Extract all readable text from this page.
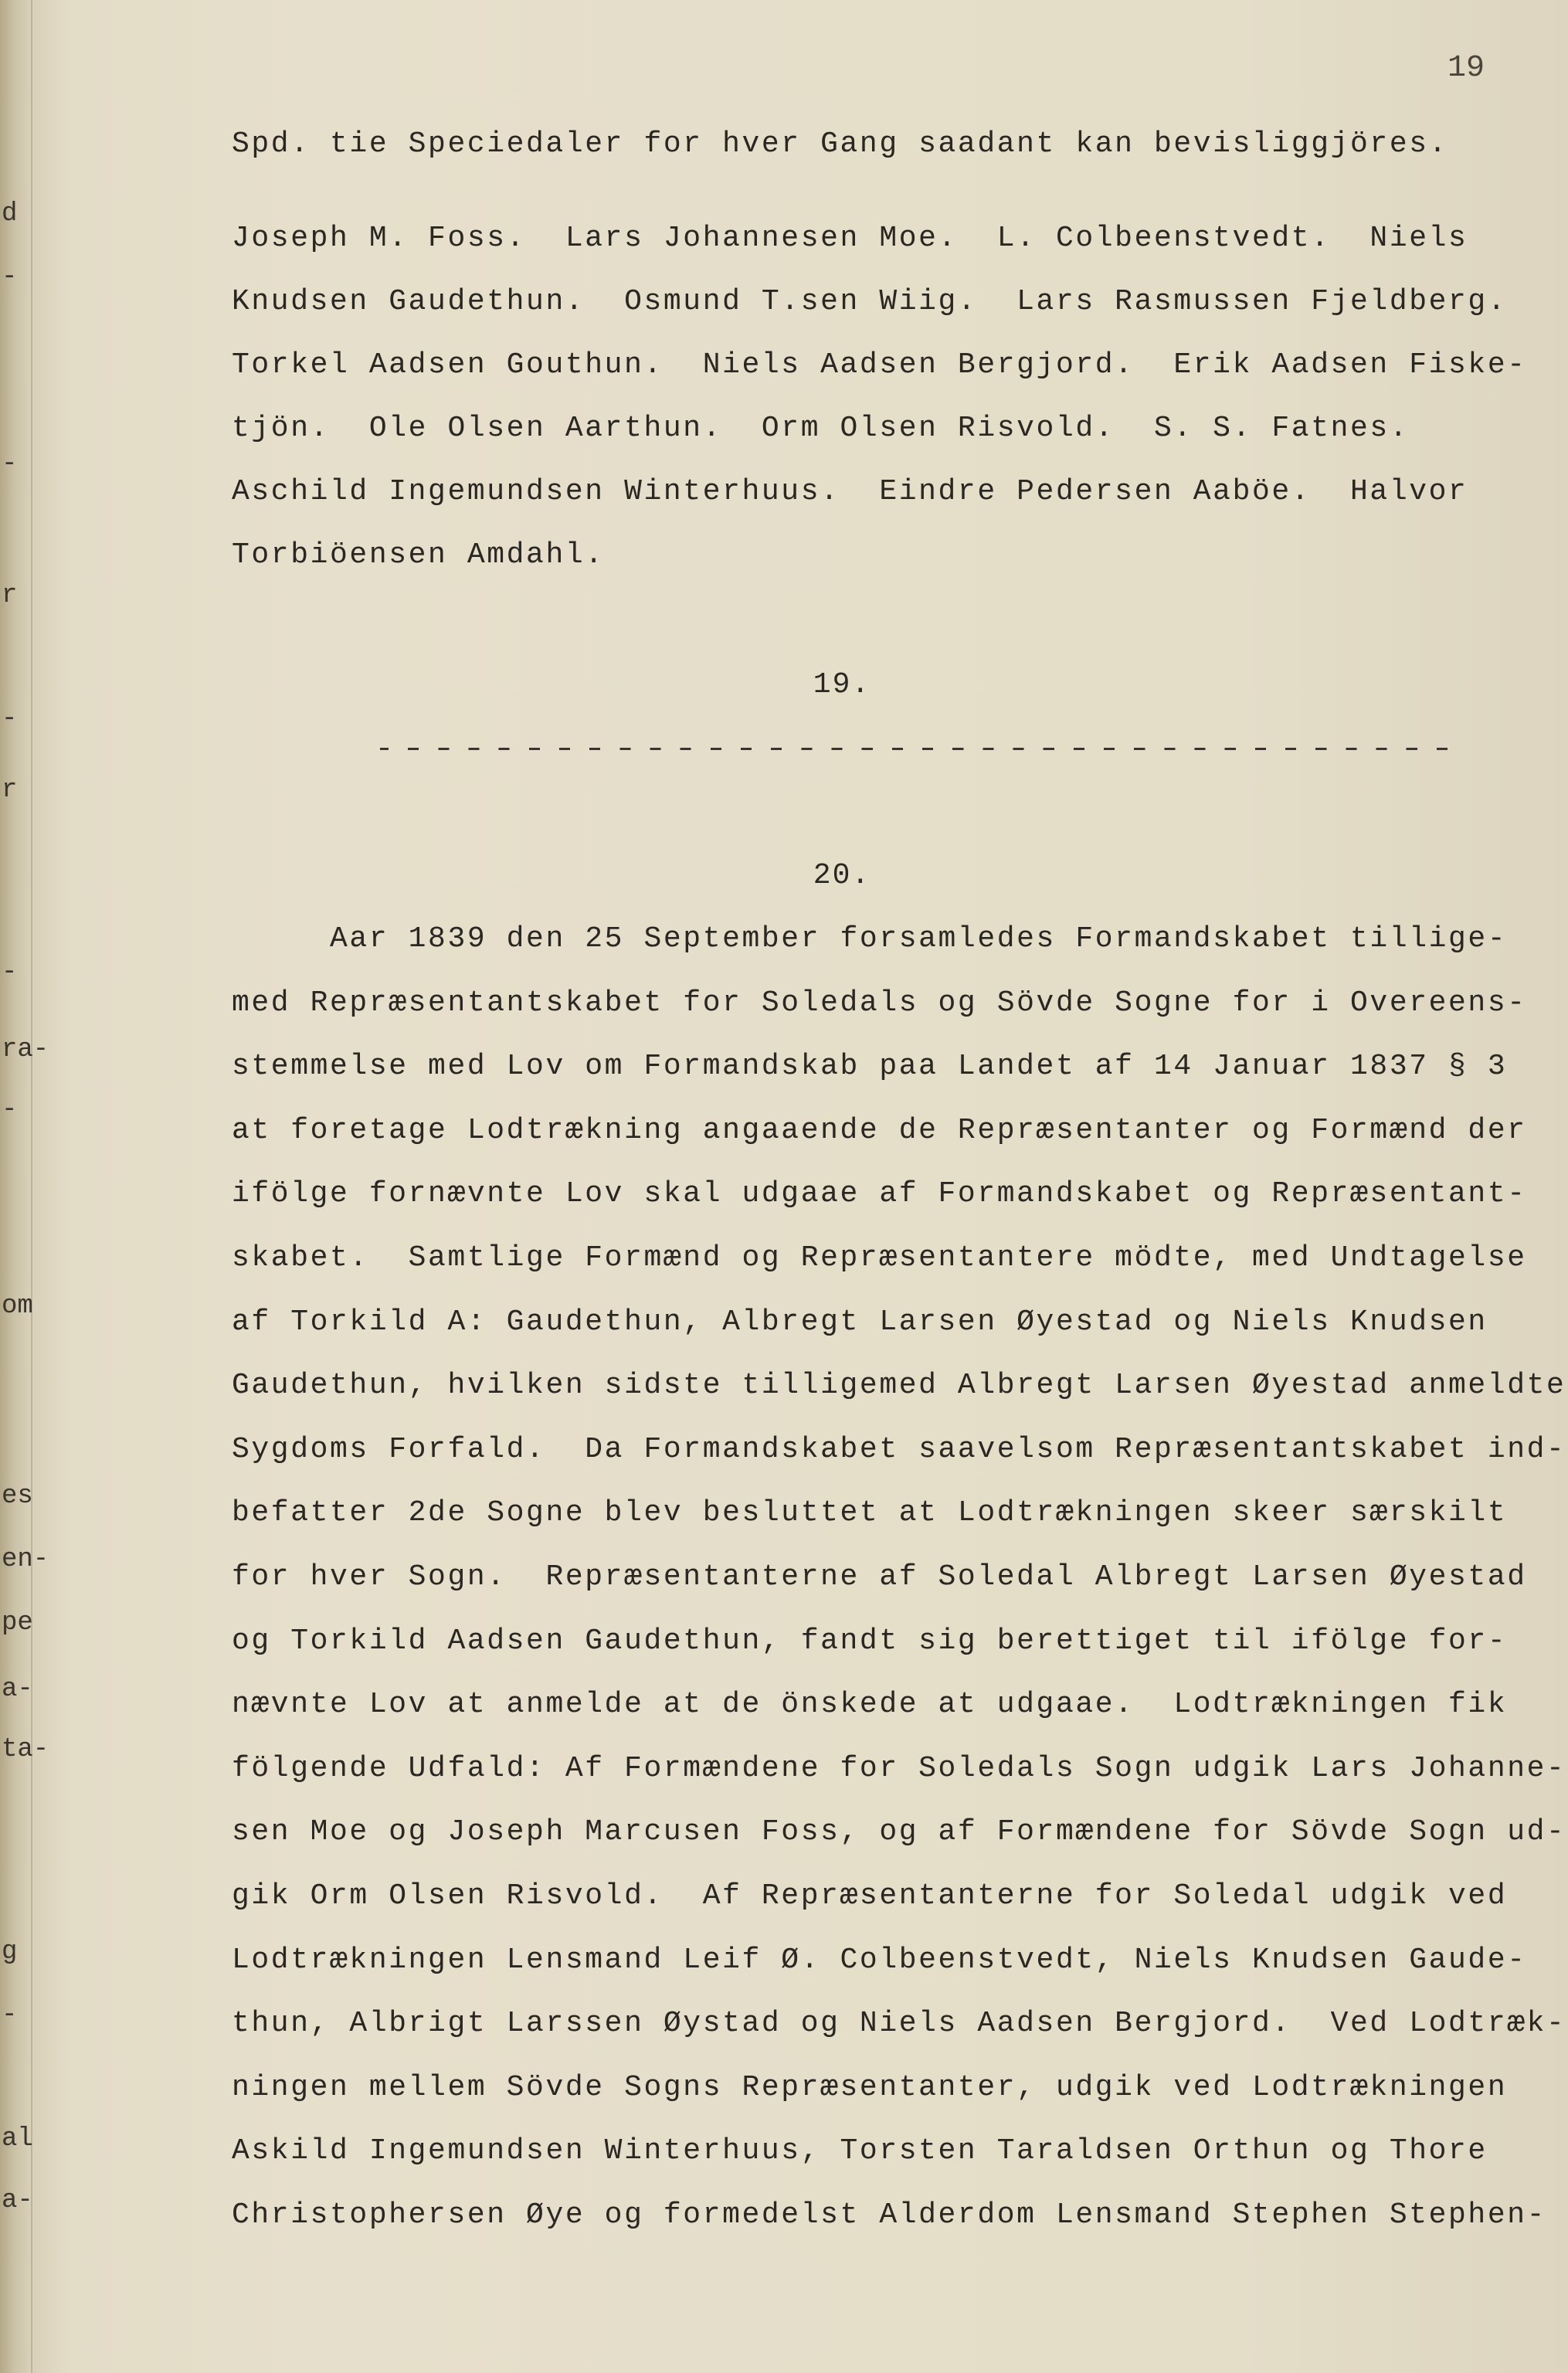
d
-
-
r
-
r
-
ra-
-
om
es
en-
pe
a-
ta-
g
-
al
a-
19
Spd. tie Speciedaler for hver Gang saadant kan bevisliggjöres.
Joseph M. Foss.  Lars Johannesen Moe.  L. Colbeenstvedt.  Niels
Knudsen Gaudethun.  Osmund T.sen Wiig.  Lars Rasmussen Fjeldberg.
Torkel Aadsen Gouthun.  Niels Aadsen Bergjord.  Erik Aadsen Fiske-
tjön.  Ole Olsen Aarthun.  Orm Olsen Risvold.  S. S. Fatnes.
Aschild Ingemundsen Winterhuus.  Eindre Pedersen Aaböe.  Halvor
Torbiöensen Amdahl.
19.
20.
Aar 1839 den 25 September forsamledes Formandskabet tillige-
med Repræsentantskabet for Soledals og Sövde Sogne for i Overeens-
stemmelse med Lov om Formandskab paa Landet af 14 Januar 1837 § 3
at foretage Lodtrækning angaaende de Repræsentanter og Formænd der
ifölge fornævnte Lov skal udgaae af Formandskabet og Repræsentant-
skabet.  Samtlige Formænd og Repræsentantere mödte, med Undtagelse
af Torkild A: Gaudethun, Albregt Larsen Øyestad og Niels Knudsen
Gaudethun, hvilken sidste tilligemed Albregt Larsen Øyestad anmeldte
Sygdoms Forfald.  Da Formandskabet saavelsom Repræsentantskabet ind-
befatter 2de Sogne blev besluttet at Lodtrækningen skeer særskilt
for hver Sogn.  Repræsentanterne af Soledal Albregt Larsen Øyestad
og Torkild Aadsen Gaudethun, fandt sig berettiget til ifölge for-
nævnte Lov at anmelde at de önskede at udgaae.  Lodtrækningen fik
fölgende Udfald: Af Formændene for Soledals Sogn udgik Lars Johanne-
sen Moe og Joseph Marcusen Foss, og af Formændene for Sövde Sogn ud-
gik Orm Olsen Risvold.  Af Repræsentanterne for Soledal udgik ved
Lodtrækningen Lensmand Leif Ø. Colbeenstvedt, Niels Knudsen Gaude-
thun, Albrigt Larssen Øystad og Niels Aadsen Bergjord.  Ved Lodtræk-
ningen mellem Sövde Sogns Repræsentanter, udgik ved Lodtrækningen
Askild Ingemundsen Winterhuus, Torsten Taraldsen Orthun og Thore
Christophersen Øye og formedelst Alderdom Lensmand Stephen Stephen-
